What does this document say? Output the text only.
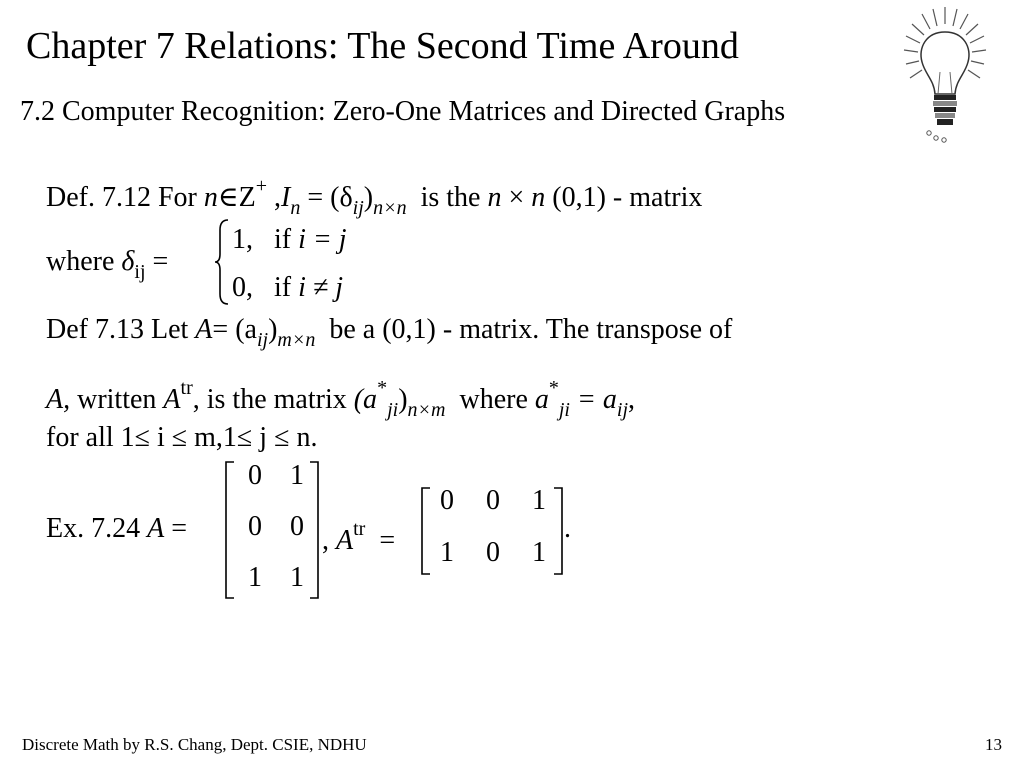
Chapter 7 Relations: The Second Time Around
7.2 Computer Recognition: Zero-One Matrices and Directed Graphs
Def. 7.12 For n∈Z+ $,I_n = (\delta_{ij})_{n\times n}$ is the n × n (0,1) - matrix
where $\delta_{ij}$ =
1, if i = j
0, if i ≠ j
Def 7.13 Let $A= (a_{ij})_{m\times n}$ be a (0,1) - matrix. The transpose of
A, written $A^{tr}$, is the matrix $(a^*_{ji})_{n\times m}$ where $a^*_{ji} = a_{ij}$,
for all 1≤ i ≤ m,1≤ j ≤ n.
Ex. 7.24 A =
0 1
0 0
1 1
, $A^{tr}$ =
0 0 1
1 0 1
.
Discrete Math by R.S. Chang, Dept. CSIE, NDHU	13
